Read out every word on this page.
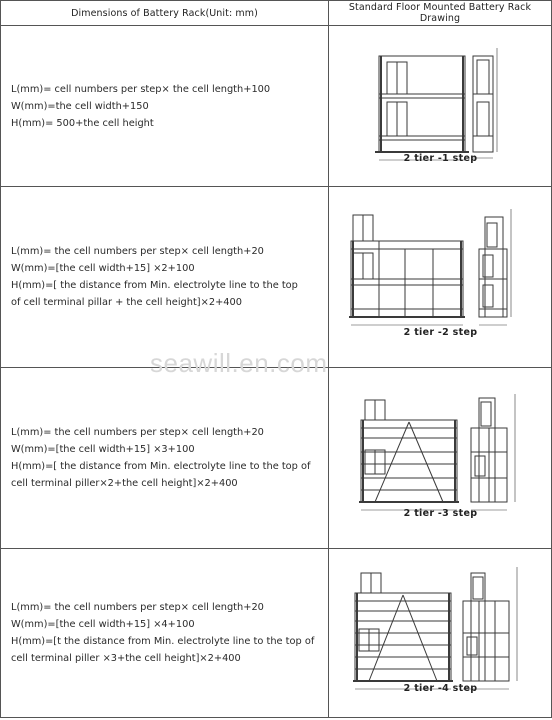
Dimensions of Battery Rack(Unit: mm)	Standard Floor Mounted Battery Rack Drawing

L(mm)= cell numbers per step× the cell length+100
W(mm)=the cell width+150
H(mm)= 500+the cell height	2 tier -1 step

L(mm)= the cell numbers per step× cell length+20
W(mm)=[the cell width+15] ×2+100
H(mm)=[ the distance from Min. electrolyte line to the top
of cell terminal pillar + the cell height]×2+400	2 tier -2 step

L(mm)= the cell numbers per step× cell length+20
W(mm)=[the cell width+15] ×3+100
H(mm)=[ the distance from Min. electrolyte line to the top of
cell terminal piller×2+the cell height]×2+400	2 tier -3 step

L(mm)= the cell numbers per step× cell length+20
W(mm)=[the cell width+15] ×4+100
H(mm)=[t the distance from Min. electrolyte line to the top of
cell terminal piller ×3+the cell height]×2+400	2 tier -4 step
seawill.en.com
